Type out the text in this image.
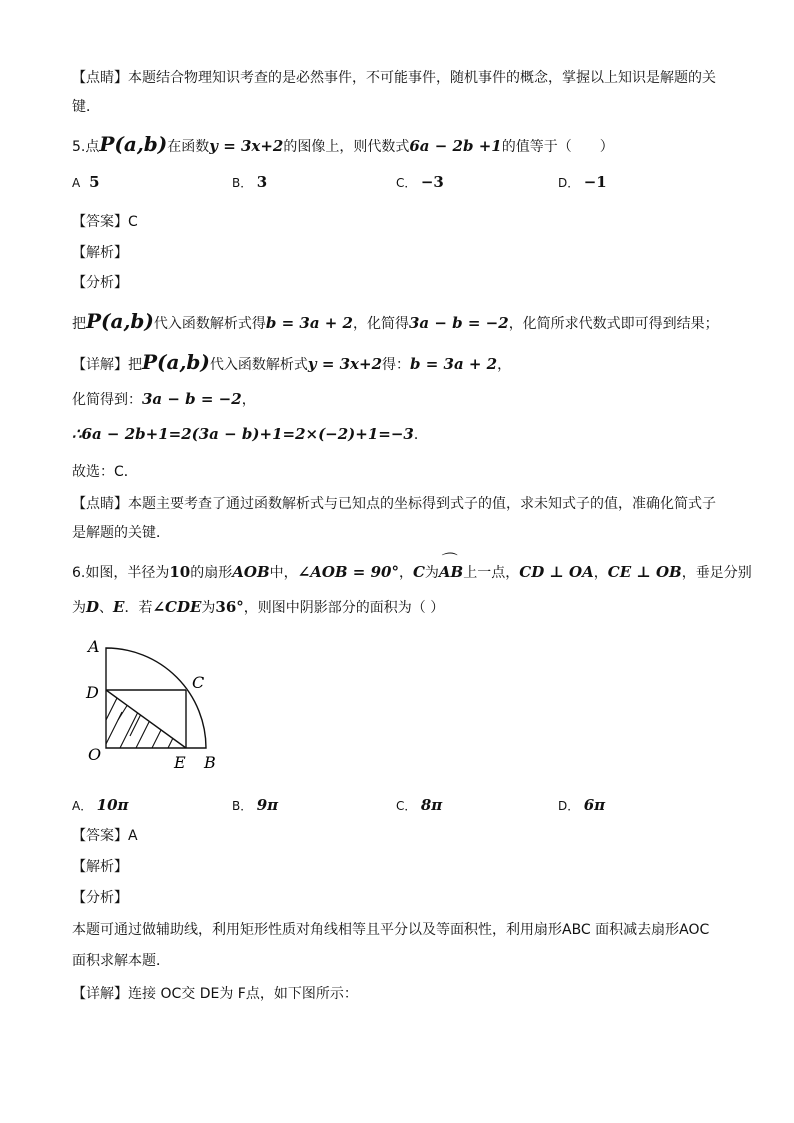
【点睛】本题结合物理知识考查的是必然事件，不可能事件，随机事件的概念，掌握以上知识是解题的关
键．
5.点P(a,b)在函数y = 3x+2的图像上，则代数式6a − 2b +1的值等于（　　）
A 5	B． 3	C． −3	D． −1
【答案】C
【解析】
【分析】
把P(a,b)代入函数解析式得b = 3a + 2，化简得3a − b = −2，化简所求代数式即可得到结果；
【详解】把P(a,b)代入函数解析式y = 3x+2得：b = 3a + 2，
化简得到：3a − b = −2，
∴6a − 2b+1=2(3a − b)+1=2×(−2)+1=−3．
故选：C．
【点睛】本题主要考查了通过函数解析式与已知点的坐标得到式子的值，求未知式子的值，准确化简式子
是解题的关键．
6.如图，半径为10的扇形AOB中，∠AOB = 90°，C为⌒ AB上一点，CD ⊥ OA，CE ⊥ OB，垂足分别
为D、E．若∠CDE为36°，则图中阴影部分的面积为（ ）
A
C
D
O	E B
A． 10π	B． 9π	C． 8π	D． 6π
【答案】A
【解析】
【分析】
本题可通过做辅助线，利用矩形性质对角线相等且平分以及等面积性，利用扇形ABC 面积减去扇形AOC
面积求解本题．
【详解】连接 OC交 DE为 F点，如下图所示：
